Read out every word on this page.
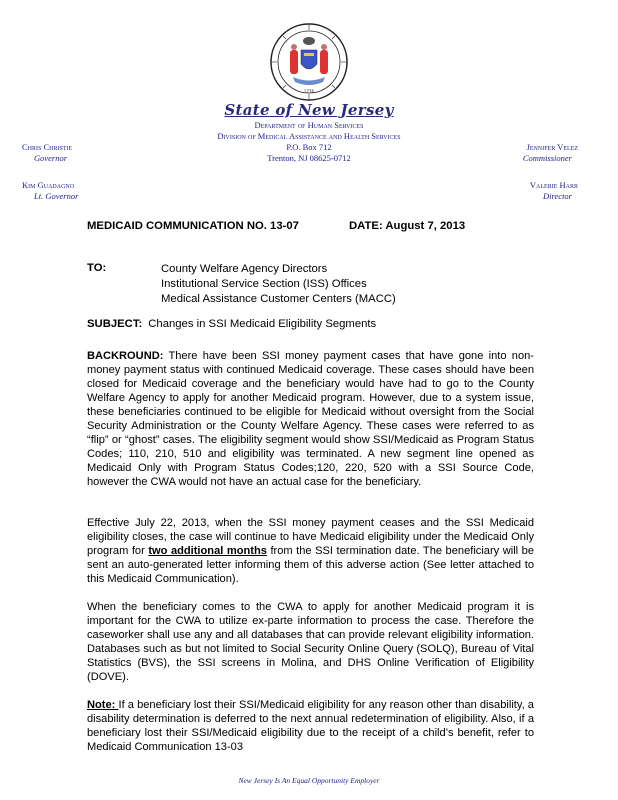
1776
State of New Jersey
Department of Human Services
Division of Medical Assistance and Health Services
P.O. Box 712
Trenton, NJ 08625-0712
Chris Christie
Governor
Kim Guadagno
Lt. Governor
Jennifer Velez
Commissioner
Valerie Harr
Director
MEDICAID COMMUNICATION NO. 13-07	DATE: August 7, 2013
TO:	County Welfare Agency Directors
Institutional Service Section (ISS) Offices
Medical Assistance Customer Centers (MACC)
SUBJECT: Changes in SSI Medicaid Eligibility Segments
BACKROUND: There have been SSI money payment cases that have gone into non-money payment status with continued Medicaid coverage. These cases should have been closed for Medicaid coverage and the beneficiary would have had to go to the County Welfare Agency to apply for another Medicaid program. However, due to a system issue, these beneficiaries continued to be eligible for Medicaid without oversight from the Social Security Administration or the County Welfare Agency. These cases were referred to as “flip” or “ghost” cases. The eligibility segment would show SSI/Medicaid as Program Status Codes; 110, 210, 510 and eligibility was terminated. A new segment line opened as Medicaid Only with Program Status Codes;120, 220, 520 with a SSI Source Code, however the CWA would not have an actual case for the beneficiary.
Effective July 22, 2013, when the SSI money payment ceases and the SSI Medicaid eligibility closes, the case will continue to have Medicaid eligibility under the Medicaid Only program for two additional months from the SSI termination date. The beneficiary will be sent an auto-generated letter informing them of this adverse action (See letter attached to this Medicaid Communication).
When the beneficiary comes to the CWA to apply for another Medicaid program it is important for the CWA to utilize ex-parte information to process the case. Therefore the caseworker shall use any and all databases that can provide relevant eligibility information. Databases such as but not limited to Social Security Online Query (SOLQ), Bureau of Vital Statistics (BVS), the SSI screens in Molina, and DHS Online Verification of Eligibility (DOVE).
Note: If a beneficiary lost their SSI/Medicaid eligibility for any reason other than disability, a disability determination is deferred to the next annual redetermination of eligibility. Also, if a beneficiary lost their SSI/Medicaid eligibility due to the receipt of a child’s benefit, refer to Medicaid Communication 13-03
New Jersey Is An Equal Opportunity Employer
